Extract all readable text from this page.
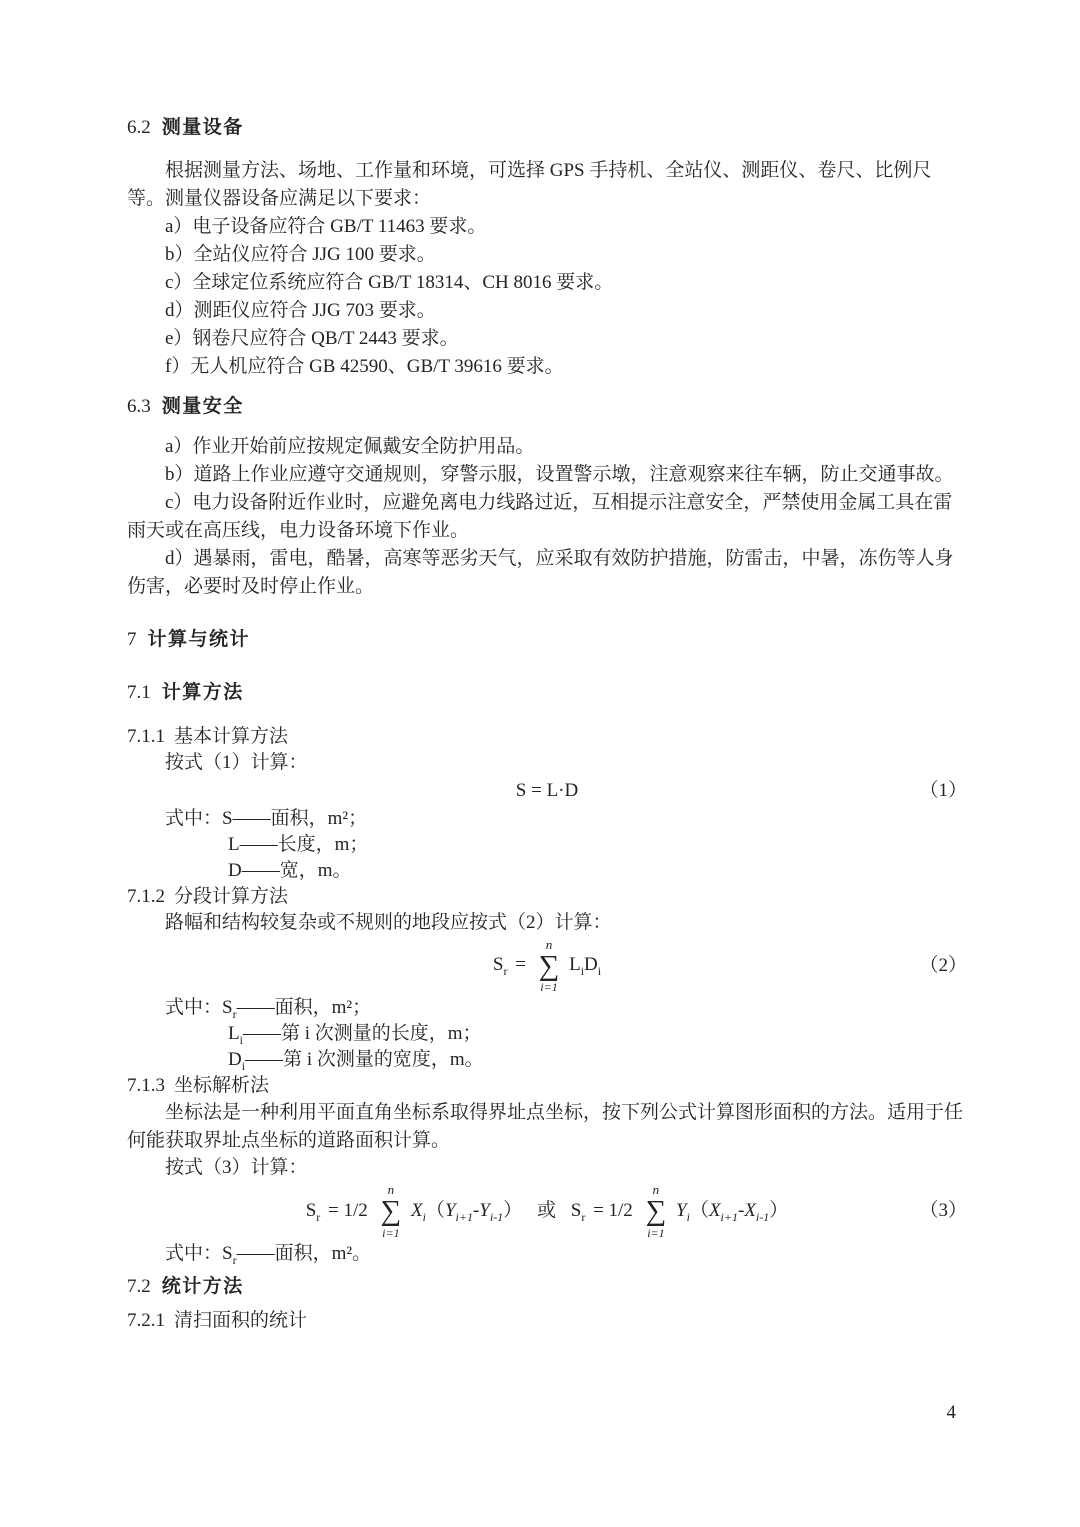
6.2 测量设备

根据测量方法、场地、工作量和环境，可选择 GPS 手持机、全站仪、测距仪、卷尺、比例尺等。测量仪器设备应满足以下要求：

a）电子设备应符合 GB/T 11463 要求。

b）全站仪应符合 JJG 100 要求。

c）全球定位系统应符合 GB/T 18314、CH 8016 要求。

d）测距仪应符合 JJG 703 要求。

e）钢卷尺应符合 QB/T 2443 要求。

f）无人机应符合 GB 42590、GB/T 39616 要求。

6.3 测量安全

a）作业开始前应按规定佩戴安全防护用品。

b）道路上作业应遵守交通规则，穿警示服，设置警示墩，注意观察来往车辆，防止交通事故。

c）电力设备附近作业时，应避免离电力线路过近，互相提示注意安全，严禁使用金属工具在雷雨天或在高压线，电力设备环境下作业。

d）遇暴雨，雷电，酷暑，高寒等恶劣天气，应采取有效防护措施，防雷击，中暑，冻伤等人身伤害，必要时及时停止作业。

7 计算与统计
7.1 计算方法

7.1.1 基本计算方法

按式（1）计算：

S = L·D	（1）

式中：S——面积，m²；

L——长度，m；

D——宽，m。

7.1.2 分段计算方法

路幅和结构较复杂或不规则的地段应按式（2）计算：

$S_r$ =
n
∑
i=1
$L_iD_i$	（2）

式中：$S_r——$面积，m²；

$L_i——$第 i 次测量的长度，m；

$D_i——$第 i 次测量的宽度，m。

7.1.3 坐标解析法

坐标法是一种利用平面直角坐标系取得界址点坐标，按下列公式计算图形面积的方法。适用于任何能获取界址点坐标的道路面积计算。

按式（3）计算：

$S_r = 1/2$
n
∑
i=1
$X_i(Y_{i+1}-Y_{i-1})$ 或 $S_r = 1/2$
n
∑
i=1
$Y_i(X_{i+1}-X_{i-1})$	（3）

式中：$S_r——$面积，m²。

7.2 统计方法

7.2.1 清扫面积的统计

4
